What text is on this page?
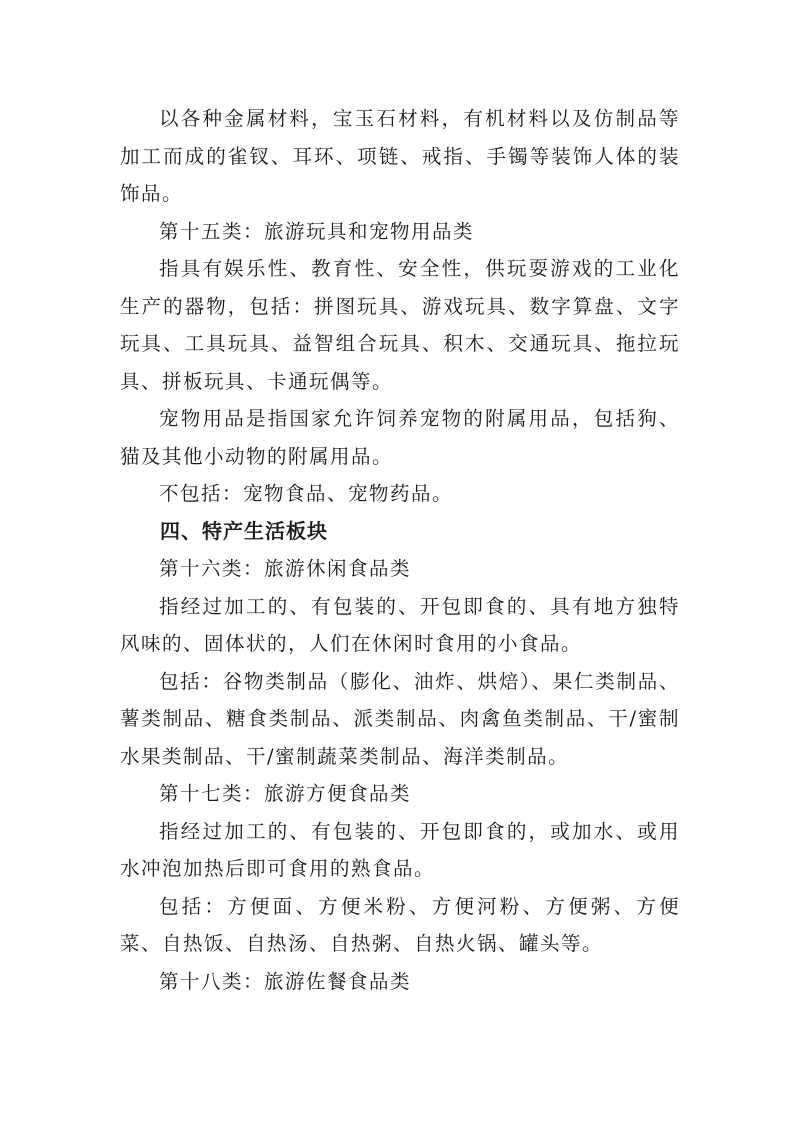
以各种金属材料，宝玉石材料，有机材料以及仿制品等加工而成的雀钗、耳环、项链、戒指、手镯等装饰人体的装饰品。

第十五类：旅游玩具和宠物用品类

指具有娱乐性、教育性、安全性，供玩耍游戏的工业化生产的器物，包括：拼图玩具、游戏玩具、数字算盘、文字玩具、工具玩具、益智组合玩具、积木、交通玩具、拖拉玩具、拼板玩具、卡通玩偶等。

宠物用品是指国家允许饲养宠物的附属用品，包括狗、猫及其他小动物的附属用品。

不包括：宠物食品、宠物药品。

四、特产生活板块

第十六类：旅游休闲食品类

指经过加工的、有包装的、开包即食的、具有地方独特风味的、固体状的，人们在休闲时食用的小食品。

包括：谷物类制品（膨化、油炸、烘焙）、果仁类制品、薯类制品、糖食类制品、派类制品、肉禽鱼类制品、干/蜜制水果类制品、干/蜜制蔬菜类制品、海洋类制品。

第十七类：旅游方便食品类

指经过加工的、有包装的、开包即食的，或加水、或用水冲泡加热后即可食用的熟食品。

包括：方便面、方便米粉、方便河粉、方便粥、方便菜、自热饭、自热汤、自热粥、自热火锅、罐头等。

第十八类：旅游佐餐食品类
